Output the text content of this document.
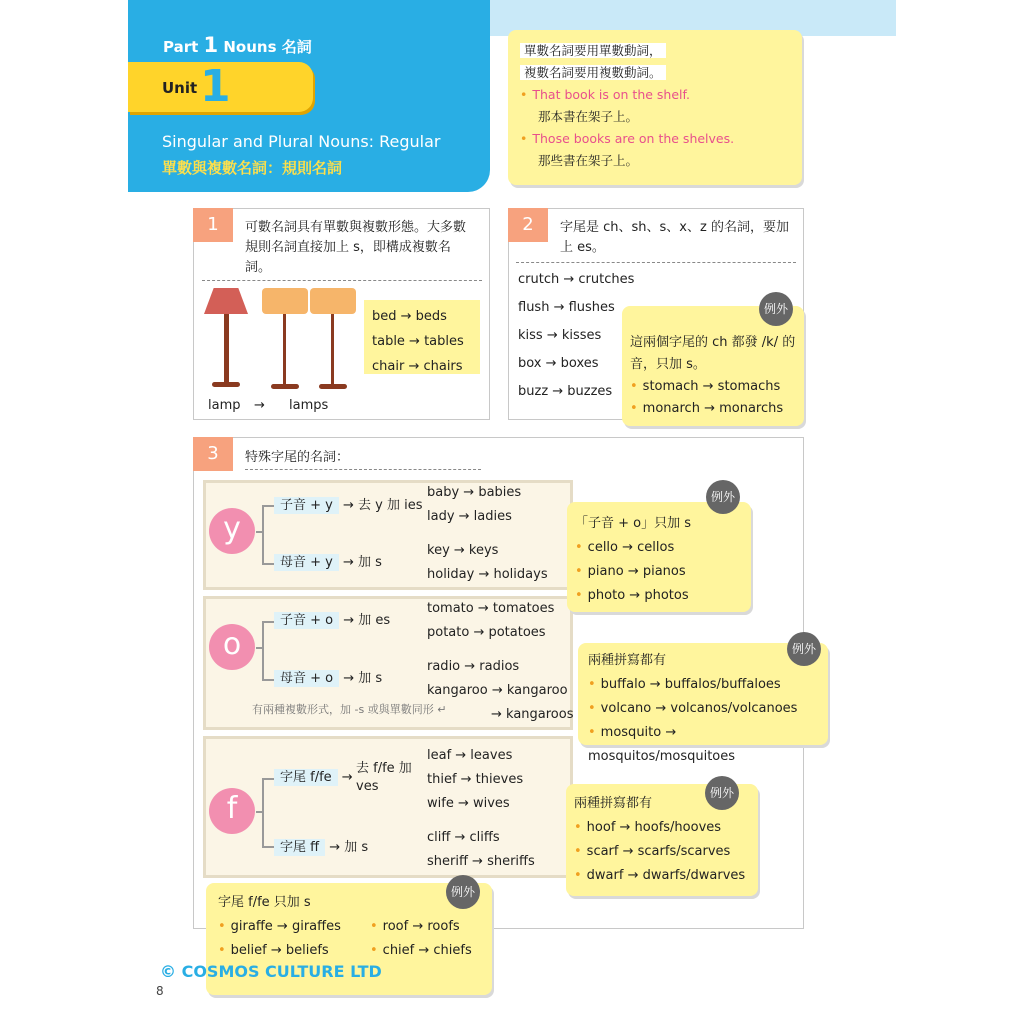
Part 1 Nouns 名詞
Unit 1
Singular and Plural Nouns: Regular
單數與複數名詞：規則名詞
單數名詞要用單數動詞，
複數名詞要用複數動詞。
• That book is on the shelf.
那本書在架子上。
• Those books are on the shelves.
那些書在架子上。
1	可數名詞具有單數與複數形態。大多數規則名詞直接加上 s，即構成複數名詞。
lamp → lamps
bed → beds
table → tables
chair → chairs
2	字尾是 ch、sh、s、x、z 的名詞，要加上 es。
crutch → crutches
flush → flushes
kiss → kisses
box → boxes
buzz → buzzes
這兩個字尾的 ch 都發 /k/ 的音，只加 s。
• stomach → stomachs
• monarch → monarchs
例外
3	特殊字尾的名詞：
y
子音 + y → 去 y 加 ies
母音 + y → 加 s
baby → babies
lady → ladies
key → keys
holiday → holidays
o
子音 + o → 加 es
母音 + o → 加 s
tomato → tomatoes
potato → potatoes
radio → radios
kangaroo → kangaroo
→ kangaroos
有兩種複數形式，加 -s 或與單數同形 ↵
f
字尾 f/fe →
去 f/fe 加 ves
字尾 ff → 加 s
leaf → leaves
thief → thieves
wife → wives
cliff → cliffs
sheriff → sheriffs
「子音 + o」只加 s
• cello → cellos
• piano → pianos
• photo → photos
例外
兩種拼寫都有
• buffalo → buffalos/buffaloes
• volcano → volcanos/volcanoes
• mosquito → mosquitos/mosquitoes
例外
兩種拼寫都有
• hoof → hoofs/hooves
• scarf → scarfs/scarves
• dwarf → dwarfs/dwarves
例外
字尾 f/fe 只加 s
• giraffe → giraffes	• roof → roofs
• belief → beliefs	• chief → chiefs
例外
© COSMOS CULTURE LTD
8
